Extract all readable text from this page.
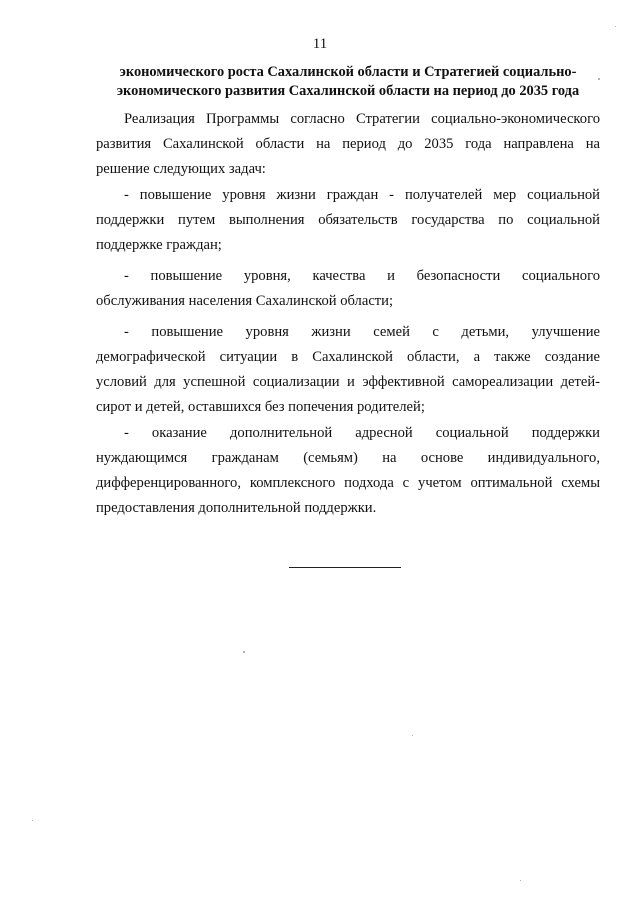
11
экономического роста Сахалинской области и Стратегией социально-
экономического развития Сахалинской области на период до 2035 года

Реализация Программы согласно Стратегии социально-экономического

развития Сахалинской области на период до 2035 года направлена на

решение следующих задач:

- повышение уровня жизни граждан - получателей мер социальной

поддержки путем выполнения обязательств государства по социальной

поддержке граждан;

- повышение уровня, качества и безопасности социального

обслуживания населения Сахалинской области;

- повышение уровня жизни семей с детьми, улучшение

демографической ситуации в Сахалинской области, а также создание

условий для успешной социализации и эффективной самореализации детей-

сирот и детей, оставшихся без попечения родителей;

- оказание дополнительной адресной социальной поддержки

нуждающимся гражданам (семьям) на основе индивидуального,

дифференцированного, комплексного подхода с учетом оптимальной схемы

предоставления дополнительной поддержки.
